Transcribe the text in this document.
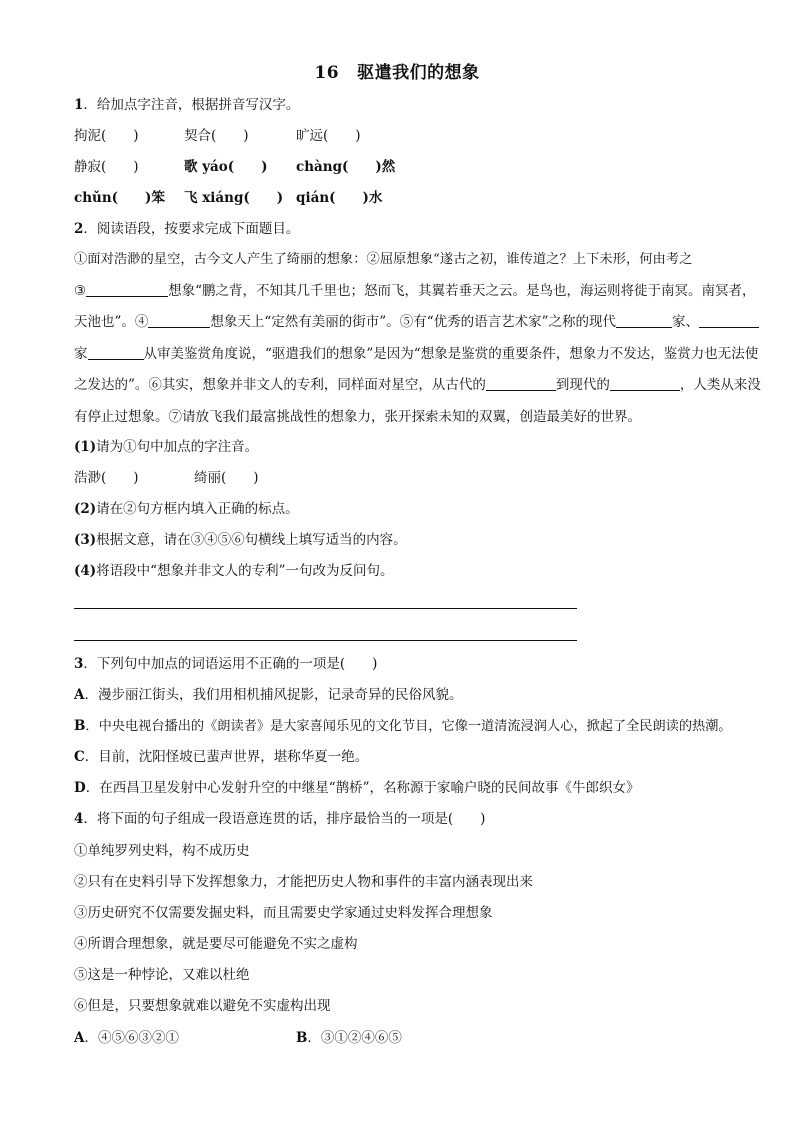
16 驱遣我们的想象
1．给加点字注音，根据拼音写汉字。
拘泥(　　)	契合(　　)	旷远(　　)
静寂(　　)	歌 yáo(　　) chàng(　　)然
chǔn(　　)笨 飞 xiáng(　　) qián(　　)水
2．阅读语段，按要求完成下面题目。

①面对浩渺的星空，古今文人产生了绮丽的想象：②屈原想象“遂古之初，谁传道之？上下未形，何由考之

③	想象“鹏之背，不知其几千里也；怒而飞，其翼若垂天之云。是鸟也，海运则将徙于南冥。南冥者，

天池也”。④	想象天上“定然有美丽的街市”。⑤有“优秀的语言艺术家”之称的现代	家、

家	从审美鉴赏角度说，“驱遣我们的想象”是因为“想象是鉴赏的重要条件，想象力不发达，鉴赏力也无法使

之发达的”。⑥其实，想象并非文人的专利，同样面对星空，从古代的	到现代的	，人类从来没

有停止过想象。⑦请放飞我们最富挑战性的想象力，张开探索未知的双翼，创造最美好的世界。

(1)请为①句中加点的字注音。
浩渺(　　)	绮丽(　　)
(2)请在②句方框内填入正确的标点。
(3)根据文意，请在③④⑤⑥句横线上填写适当的内容。
(4)将语段中“想象并非文人的专利”一句改为反问句。
3．下列句中加点的词语运用不正确的一项是(　　)
A．漫步丽江街头，我们用相机捕风捉影，记录奇异的民俗风貌。
B．中央电视台播出的《朗读者》是大家喜闻乐见的文化节目，它像一道清流浸润人心，掀起了全民朗读的热潮。
C．目前，沈阳怪坡已蜚声世界，堪称华夏一绝。
D．在西昌卫星发射中心发射升空的中继星“鹊桥”，名称源于家喻户晓的民间故事《牛郎织女》
4．将下面的句子组成一段语意连贯的话，排序最恰当的一项是(　　)
①单纯罗列史料，构不成历史
②只有在史料引导下发挥想象力，才能把历史人物和事件的丰富内涵表现出来
③历史研究不仅需要发掘史料，而且需要史学家通过史料发挥合理想象
④所谓合理想象，就是要尽可能避免不实之虚构
⑤这是一种悖论，又难以杜绝
⑥但是，只要想象就难以避免不实虚构出现
A．④⑤⑥③②①	B．③①②④⑥⑤
